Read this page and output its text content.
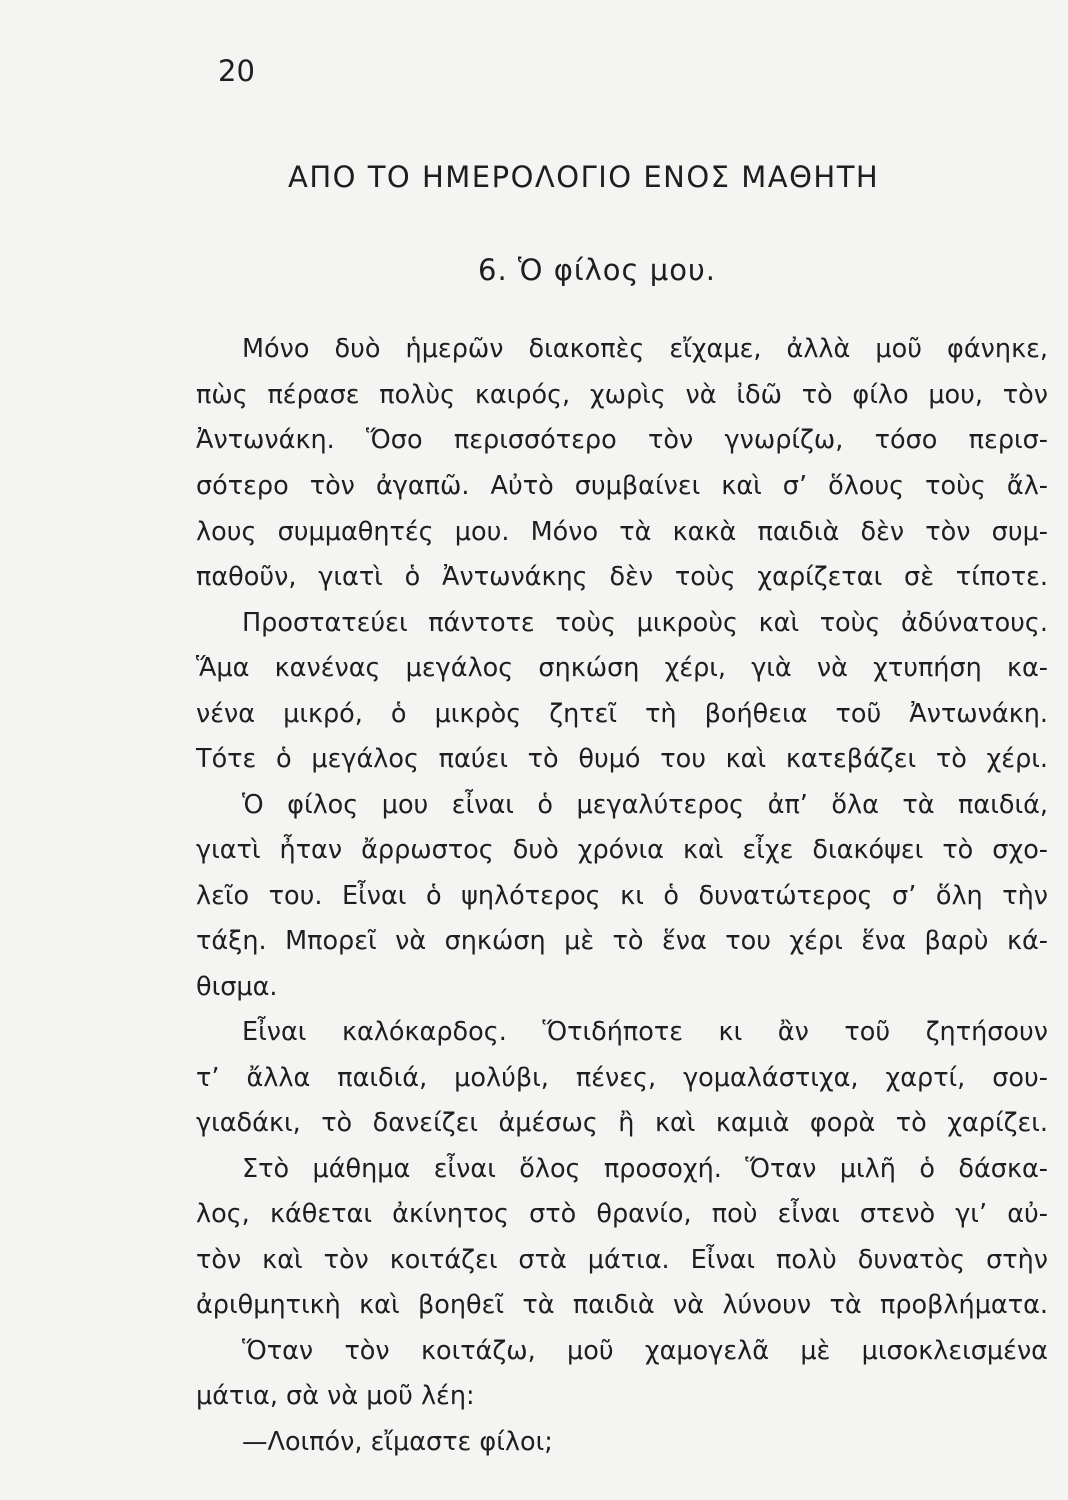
20
ΑΠΟ ΤΟ ΗΜΕΡΟΛΟΓΙΟ ΕΝΟΣ ΜΑΘΗΤΗ
6. Ὁ φίλος μου.
Μόνο δυὸ ἡμερῶν διακοπὲς εἴχαμε, ἀλλὰ μοῦ φάνηκε,
πὼς πέρασε πολὺς καιρός, χωρὶς νὰ ἰδῶ τὸ φίλο μου, τὸν
Ἀντωνάκη. Ὅσο περισσότερο τὸν γνωρίζω, τόσο περισ-
σότερο τὸν ἀγαπῶ. Αὐτὸ συμβαίνει καὶ σ’ ὅλους τοὺς ἄλ-
λους συμμαθητές μου. Μόνο τὰ κακὰ παιδιὰ δὲν τὸν συμ-
παθοῦν, γιατὶ ὁ Ἀντωνάκης δὲν τοὺς χαρίζεται σὲ τίποτε.
Προστατεύει πάντοτε τοὺς μικροὺς καὶ τοὺς ἀδύνατους.
Ἅμα κανένας μεγάλος σηκώση χέρι, γιὰ νὰ χτυπήση κα-
νένα μικρό, ὁ μικρὸς ζητεῖ τὴ βοήθεια τοῦ Ἀντωνάκη.
Τότε ὁ μεγάλος παύει τὸ θυμό του καὶ κατεβάζει τὸ χέρι.
Ὁ φίλος μου εἶναι ὁ μεγαλύτερος ἀπ’ ὅλα τὰ παιδιά,
γιατὶ ἦταν ἄρρωστος δυὸ χρόνια καὶ εἶχε διακόψει τὸ σχο-
λεῖο του. Εἶναι ὁ ψηλότερος κι ὁ δυνατώτερος σ’ ὅλη τὴν
τάξη. Μπορεῖ νὰ σηκώση μὲ τὸ ἕνα του χέρι ἕνα βαρὺ κά-
θισμα.
Εἶναι καλόκαρδος. Ὅτιδήποτε κι ἂν τοῦ ζητήσουν
τ’ ἄλλα παιδιά, μολύβι, πένες, γομαλάστιχα, χαρτί, σου-
γιαδάκι, τὸ δανείζει ἀμέσως ἢ καὶ καμιὰ φορὰ τὸ χαρίζει.
Στὸ μάθημα εἶναι ὅλος προσοχή. Ὅταν μιλῆ ὁ δάσκα-
λος, κάθεται ἀκίνητος στὸ θρανίο, ποὺ εἶναι στενὸ γι’ αὐ-
τὸν καὶ τὸν κοιτάζει στὰ μάτια. Εἶναι πολὺ δυνατὸς στὴν
ἀριθμητικὴ καὶ βοηθεῖ τὰ παιδιὰ νὰ λύνουν τὰ προβλήματα.
Ὅταν τὸν κοιτάζω, μοῦ χαμογελᾶ μὲ μισοκλεισμένα
μάτια, σὰ νὰ μοῦ λέη:
—Λοιπόν, εἴμαστε φίλοι;
